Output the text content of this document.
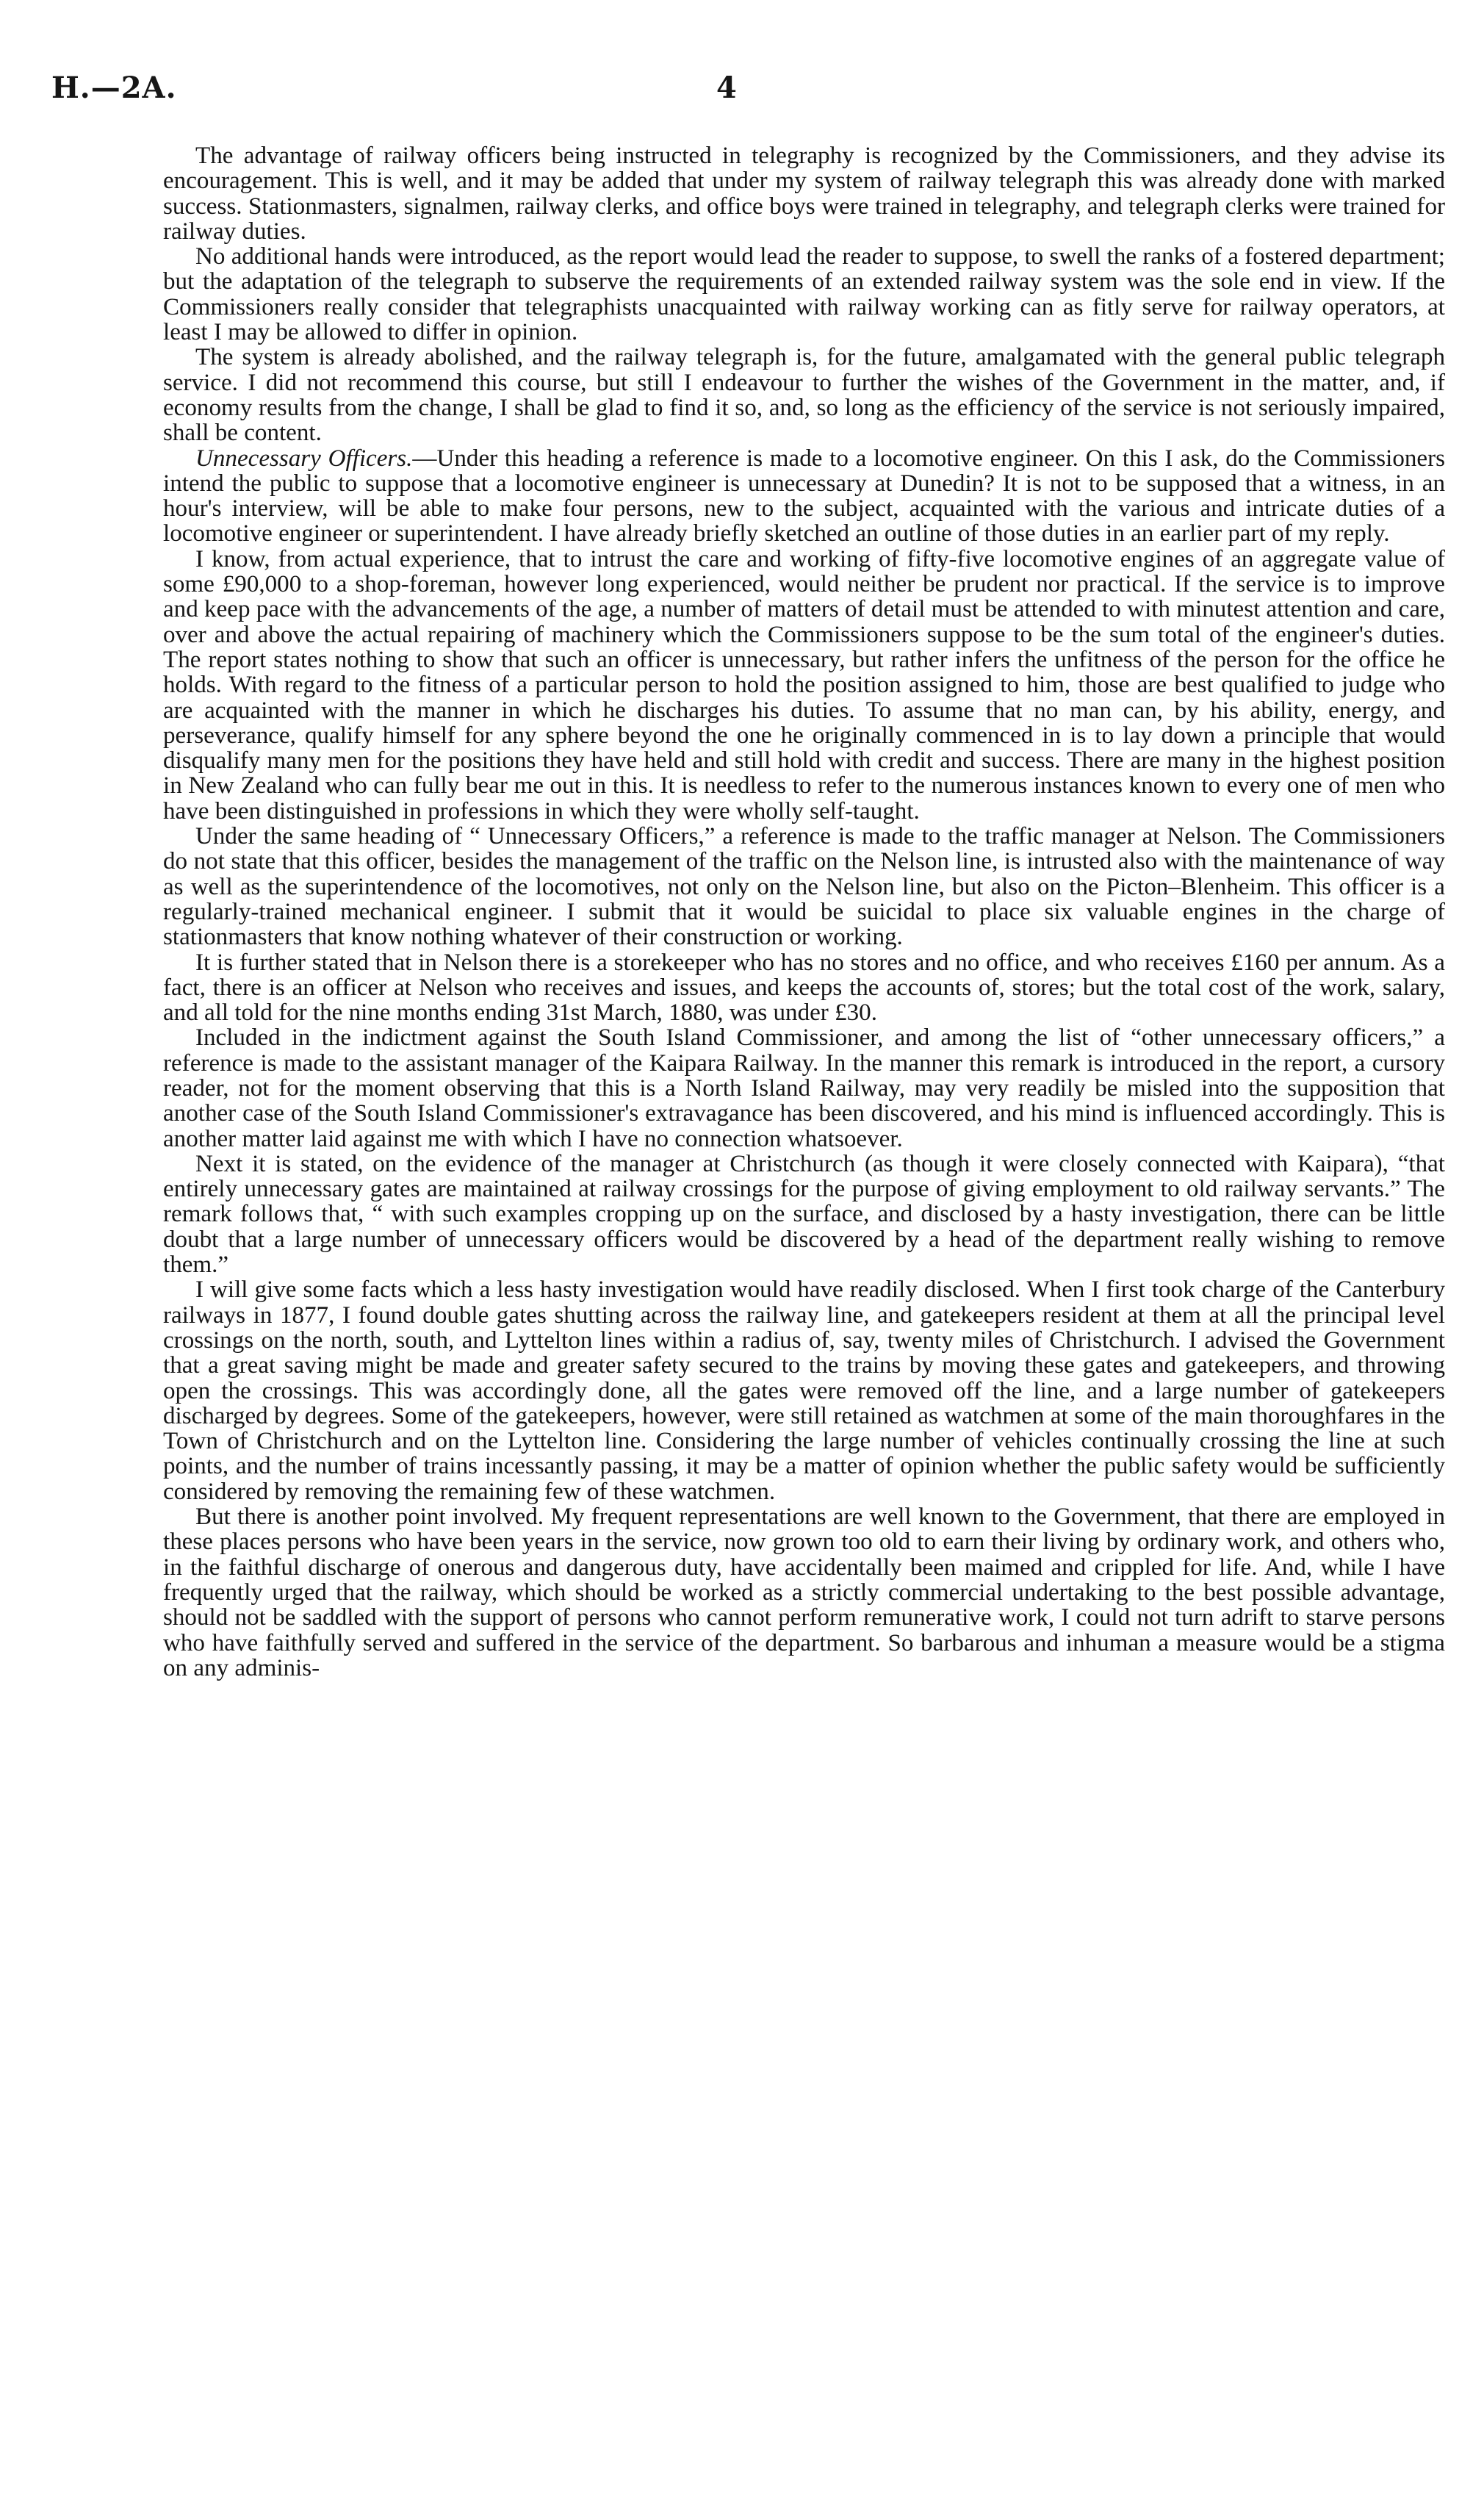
H.—2A.	4

The advantage of railway officers being instructed in telegraphy is recognized by the Commissioners, and they advise its encouragement. This is well, and it may be added that under my system of railway telegraph this was already done with marked success. Stationmasters, signalmen, railway clerks, and office boys were trained in telegraphy, and telegraph clerks were trained for railway duties.

No additional hands were introduced, as the report would lead the reader to suppose, to swell the ranks of a fostered department; but the adaptation of the telegraph to subserve the requirements of an extended railway system was the sole end in view. If the Commissioners really consider that telegraphists unacquainted with railway working can as fitly serve for railway operators, at least I may be allowed to differ in opinion.

The system is already abolished, and the railway telegraph is, for the future, amalgamated with the general public telegraph service. I did not recommend this course, but still I endeavour to further the wishes of the Government in the matter, and, if economy results from the change, I shall be glad to find it so, and, so long as the efficiency of the service is not seriously impaired, shall be content.

Unnecessary Officers.—Under this heading a reference is made to a locomotive engineer. On this I ask, do the Commissioners intend the public to suppose that a locomotive engineer is unnecessary at Dunedin? It is not to be supposed that a witness, in an hour's interview, will be able to make four persons, new to the subject, acquainted with the various and intricate duties of a locomotive engineer or superintendent. I have already briefly sketched an outline of those duties in an earlier part of my reply.

I know, from actual experience, that to intrust the care and working of fifty-five locomotive engines of an aggregate value of some £90,000 to a shop-foreman, however long experienced, would neither be prudent nor practical. If the service is to improve and keep pace with the advancements of the age, a number of matters of detail must be attended to with minutest attention and care, over and above the actual repairing of machinery which the Commissioners suppose to be the sum total of the engineer's duties. The report states nothing to show that such an officer is unnecessary, but rather infers the unfitness of the person for the office he holds. With regard to the fitness of a particular person to hold the position assigned to him, those are best qualified to judge who are acquainted with the manner in which he discharges his duties. To assume that no man can, by his ability, energy, and perseverance, qualify himself for any sphere beyond the one he originally commenced in is to lay down a principle that would disqualify many men for the positions they have held and still hold with credit and success. There are many in the highest position in New Zealand who can fully bear me out in this. It is needless to refer to the numerous instances known to every one of men who have been distinguished in professions in which they were wholly self-taught.

Under the same heading of “ Unnecessary Officers,” a reference is made to the traffic manager at Nelson. The Commissioners do not state that this officer, besides the management of the traffic on the Nelson line, is intrusted also with the maintenance of way as well as the superintendence of the locomotives, not only on the Nelson line, but also on the Picton–Blenheim. This officer is a regularly-trained mechanical engineer. I submit that it would be suicidal to place six valuable engines in the charge of stationmasters that know nothing whatever of their construction or working.

It is further stated that in Nelson there is a storekeeper who has no stores and no office, and who receives £160 per annum. As a fact, there is an officer at Nelson who receives and issues, and keeps the accounts of, stores; but the total cost of the work, salary, and all told for the nine months ending 31st March, 1880, was under £30.

Included in the indictment against the South Island Commissioner, and among the list of “other unnecessary officers,” a reference is made to the assistant manager of the Kaipara Railway. In the manner this remark is introduced in the report, a cursory reader, not for the moment observing that this is a North Island Railway, may very readily be misled into the supposition that another case of the South Island Commissioner's extravagance has been discovered, and his mind is influenced accordingly. This is another matter laid against me with which I have no connection whatsoever.

Next it is stated, on the evidence of the manager at Christchurch (as though it were closely connected with Kaipara), “that entirely unnecessary gates are maintained at railway crossings for the purpose of giving employment to old railway servants.” The remark follows that, “ with such examples cropping up on the surface, and disclosed by a hasty investigation, there can be little doubt that a large number of unnecessary officers would be discovered by a head of the department really wishing to remove them.”

I will give some facts which a less hasty investigation would have readily disclosed. When I first took charge of the Canterbury railways in 1877, I found double gates shutting across the railway line, and gatekeepers resident at them at all the principal level crossings on the north, south, and Lyttelton lines within a radius of, say, twenty miles of Christchurch. I advised the Government that a great saving might be made and greater safety secured to the trains by moving these gates and gatekeepers, and throwing open the crossings. This was accordingly done, all the gates were removed off the line, and a large number of gatekeepers discharged by degrees. Some of the gatekeepers, however, were still retained as watchmen at some of the main thoroughfares in the Town of Christchurch and on the Lyttelton line. Considering the large number of vehicles continually crossing the line at such points, and the number of trains incessantly passing, it may be a matter of opinion whether the public safety would be sufficiently considered by removing the remaining few of these watchmen.

But there is another point involved. My frequent representations are well known to the Government, that there are employed in these places persons who have been years in the service, now grown too old to earn their living by ordinary work, and others who, in the faithful discharge of onerous and dangerous duty, have accidentally been maimed and crippled for life. And, while I have frequently urged that the railway, which should be worked as a strictly commercial undertaking to the best possible advantage, should not be saddled with the support of persons who cannot perform remunerative work, I could not turn adrift to starve persons who have faithfully served and suffered in the service of the department. So barbarous and inhuman a measure would be a stigma on any adminis-
